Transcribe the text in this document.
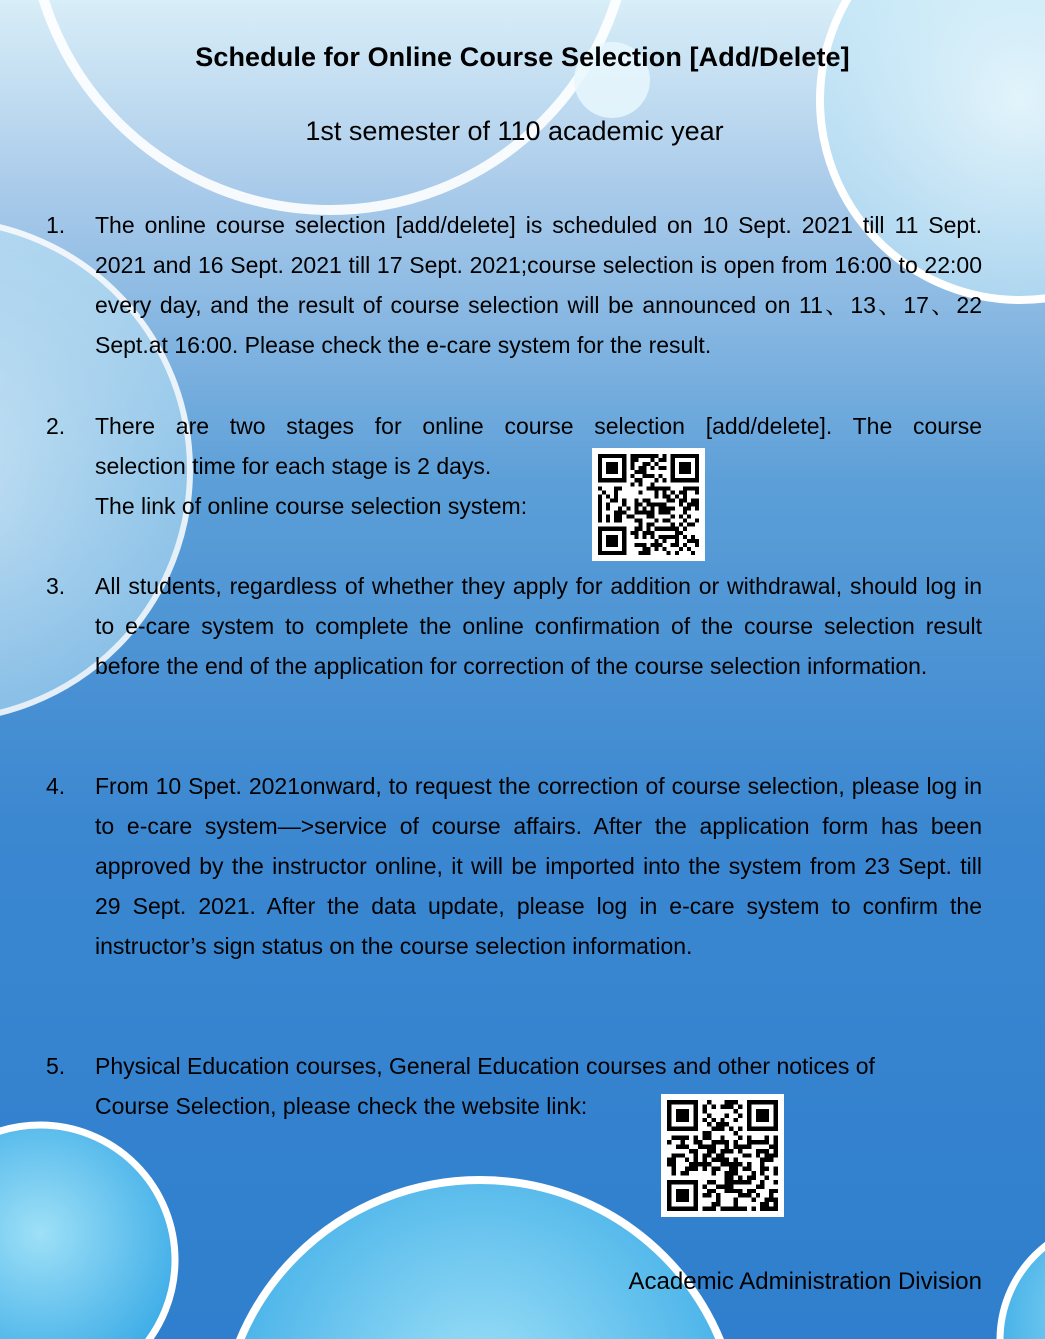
Schedule for Online Course Selection [Add/Delete]
1st semester of 110 academic year
1.	The online course selection [add/delete] is scheduled on 10 Sept. 2021 till 11 Sept. 2021 and 16 Sept. 2021 till 17 Sept. 2021;course selection is open from 16:00 to 22:00 every day, and the result of course selection will be announced on 11、13、17、22 Sept.at 16:00. Please check the e-care system for the result.
2.	There are two stages for online course selection [add/delete]. The course
selection time for each stage is 2 days.
The link of online course selection system:
3.	All students, regardless of whether they apply for addition or withdrawal, should log in to e-care system to complete the online confirmation of the course selection result before the end of the application for correction of the course selection information.
4.	From 10 Spet. 2021onward, to request the correction of course selection, please log in to e-care system—>service of course affairs. After the application form has been approved by the instructor online, it will be imported into the system from 23 Sept. till 29 Sept. 2021. After the data update, please log in e-care system to confirm the instructor’s sign status on the course selection information.
5.	Physical Education courses, General Education courses and other notices of
Course Selection, please check the website link:
Academic Administration Division
